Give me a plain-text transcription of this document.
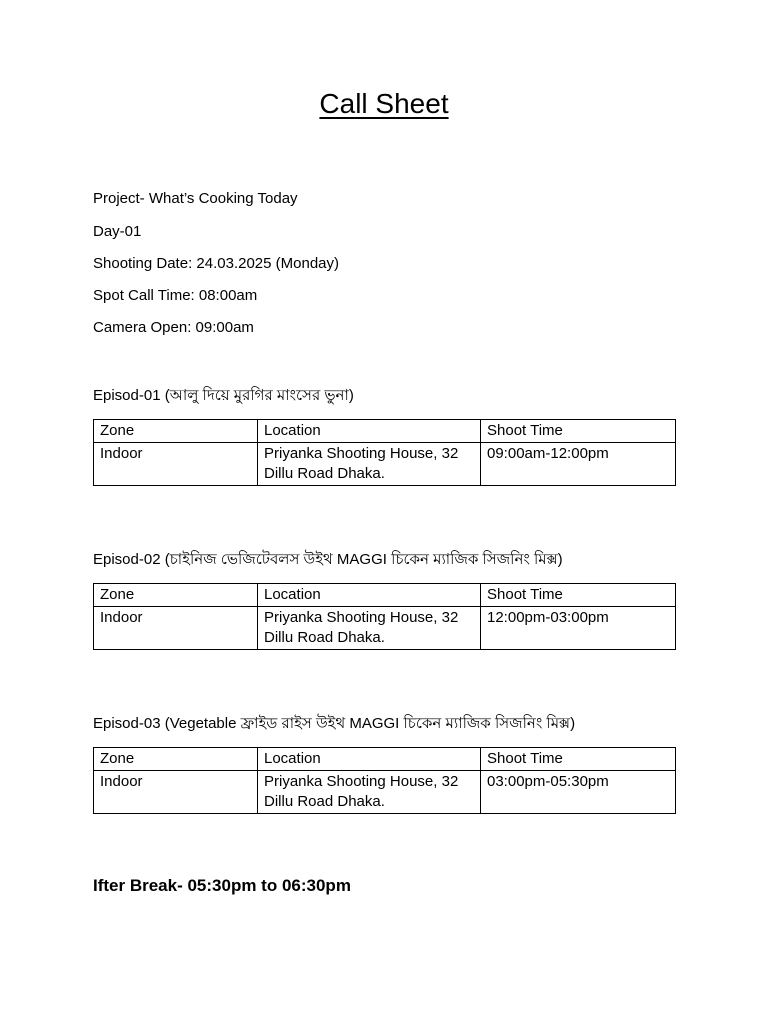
Call Sheet
Project- What’s Cooking Today
Day-01
Shooting Date: 24.03.2025 (Monday)
Spot Call Time: 08:00am
Camera Open: 09:00am
Episod-01 (আলু দিয়ে মুরগির মাংসের ভুনা)
Zone	Location	Shoot Time
Indoor	Priyanka Shooting House, 32 Dillu Road Dhaka.	09:00am-12:00pm
Episod-02 (চাইনিজ ভেজিটেবলস উইথ MAGGI চিকেন ম্যাজিক সিজনিং মিক্স)
Zone	Location	Shoot Time
Indoor	Priyanka Shooting House, 32 Dillu Road Dhaka.	12:00pm-03:00pm
Episod-03 (Vegetable ফ্রাইড রাইস উইথ MAGGI চিকেন ম্যাজিক সিজনিং মিক্স)
Zone	Location	Shoot Time
Indoor	Priyanka Shooting House, 32 Dillu Road Dhaka.	03:00pm-05:30pm
Ifter Break- 05:30pm to 06:30pm
